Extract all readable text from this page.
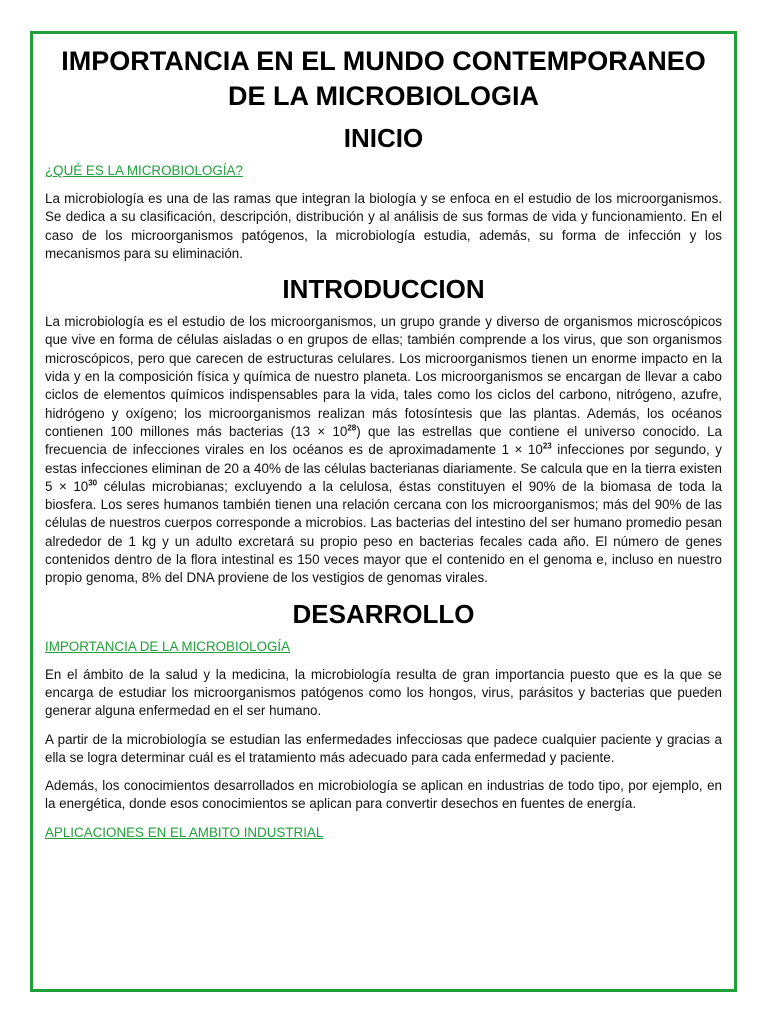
IMPORTANCIA EN EL MUNDO CONTEMPORANEO DE LA MICROBIOLOGIA
INICIO
¿QUÉ ES LA MICROBIOLOGÍA?

La microbiología es una de las ramas que integran la biología y se enfoca en el estudio de los microorganismos. Se dedica a su clasificación, descripción, distribución y al análisis de sus formas de vida y funcionamiento. En el caso de los microorganismos patógenos, la microbiología estudia, además, su forma de infección y los mecanismos para su eliminación.

INTRODUCCION

La microbiología es el estudio de los microorganismos, un grupo grande y diverso de organismos microscópicos que vive en forma de células aisladas o en grupos de ellas; también comprende a los virus, que son organismos microscópicos, pero que carecen de estructuras celulares. Los microorganismos tienen un enorme impacto en la vida y en la composición física y química de nuestro planeta. Los microorganismos se encargan de llevar a cabo ciclos de elementos químicos indispensables para la vida, tales como los ciclos del carbono, nitrógeno, azufre, hidrógeno y oxígeno; los microorganismos realizan más fotosíntesis que las plantas. Además, los océanos contienen 100 millones más bacterias $(13 \times 10^{28})$ que las estrellas que contiene el universo conocido. La frecuencia de infecciones virales en los océanos es de aproximadamente $1 \times 10^{23}$ infecciones por segundo, y estas infecciones eliminan de 20 a 40% de las células bacterianas diariamente. Se calcula que en la tierra existen $5 \times 10^{30}$ células microbianas; excluyendo a la celulosa, éstas constituyen el 90% de la biomasa de toda la biosfera. Los seres humanos también tienen una relación cercana con los microorganismos; más del 90% de las células de nuestros cuerpos corresponde a microbios. Las bacterias del intestino del ser humano promedio pesan alrededor de 1 kg y un adulto excretará su propio peso en bacterias fecales cada año. El número de genes contenidos dentro de la flora intestinal es 150 veces mayor que el contenido en el genoma e, incluso en nuestro propio genoma, 8% del DNA proviene de los vestigios de genomas virales.

DESARROLLO
IMPORTANCIA DE LA MICROBIOLOGÍA

En el ámbito de la salud y la medicina, la microbiología resulta de gran importancia puesto que es la que se encarga de estudiar los microorganismos patógenos como los hongos, virus, parásitos y bacterias que pueden generar alguna enfermedad en el ser humano.

A partir de la microbiología se estudian las enfermedades infecciosas que padece cualquier paciente y gracias a ella se logra determinar cuál es el tratamiento más adecuado para cada enfermedad y paciente.

Además, los conocimientos desarrollados en microbiología se aplican en industrias de todo tipo, por ejemplo, en la energética, donde esos conocimientos se aplican para convertir desechos en fuentes de energía.

APLICACIONES EN EL AMBITO INDUSTRIAL
